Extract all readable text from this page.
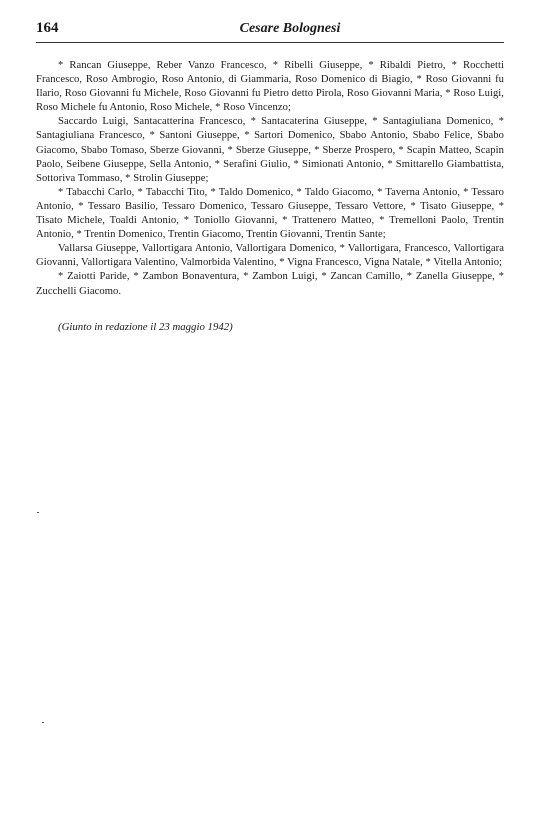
164	Cesare Bolognesi

* Rancan Giuseppe, Reber Vanzo Francesco, * Ribelli Giuseppe, * Ribaldi Pietro, * Rocchetti Francesco, Roso Ambrogio, Roso Antonio, di Giammaria, Roso Domenico di Biagio, * Roso Giovanni fu Ilario, Roso Giovanni fu Michele, Roso Giovanni fu Pietro detto Pirola, Roso Giovanni Maria, * Roso Luigi, Roso Michele fu Antonio, Roso Michele, * Roso Vincenzo;

Saccardo Luigi, Santacatterina Francesco, * Santacaterina Giuseppe, * Santagiuliana Domenico, * Santagiuliana Francesco, * Santoni Giuseppe, * Sartori Domenico, Sbabo Antonio, Sbabo Felice, Sbabo Giacomo, Sbabo Tomaso, Sberze Giovanni, * Sberze Giuseppe, * Sberze Prospero, * Scapin Matteo, Scapin Paolo, Seibene Giuseppe, Sella Antonio, * Serafini Giulio, * Simionati Antonio, * Smittarello Giambattista, Sottoriva Tommaso, * Strolin Giuseppe;

* Tabacchi Carlo, * Tabacchi Tito, * Taldo Domenico, * Taldo Giacomo, * Taverna Antonio, * Tessaro Antonio, * Tessaro Basilio, Tessaro Domenico, Tessaro Giuseppe, Tessaro Vettore, * Tisato Giuseppe, * Tisato Michele, Toaldi Antonio, * Toniollo Giovanni, * Trattenero Matteo, * Tremelloni Paolo, Trentin Antonio, * Trentin Domenico, Trentin Giacomo, Trentin Giovanni, Trentin Sante;

Vallarsa Giuseppe, Vallortigara Antonio, Vallortigara Domenico, * Vallortigara, Francesco, Vallortigara Giovanni, Vallortigara Valentino, Valmorbida Valentino, * Vigna Francesco, Vigna Natale, * Vitella Antonio;

* Zaiotti Paride, * Zambon Bonaventura, * Zambon Luigi, * Zancan Camillo, * Zanella Giuseppe, * Zucchelli Giacomo.

(Giunto in redazione il 23 maggio 1942)
